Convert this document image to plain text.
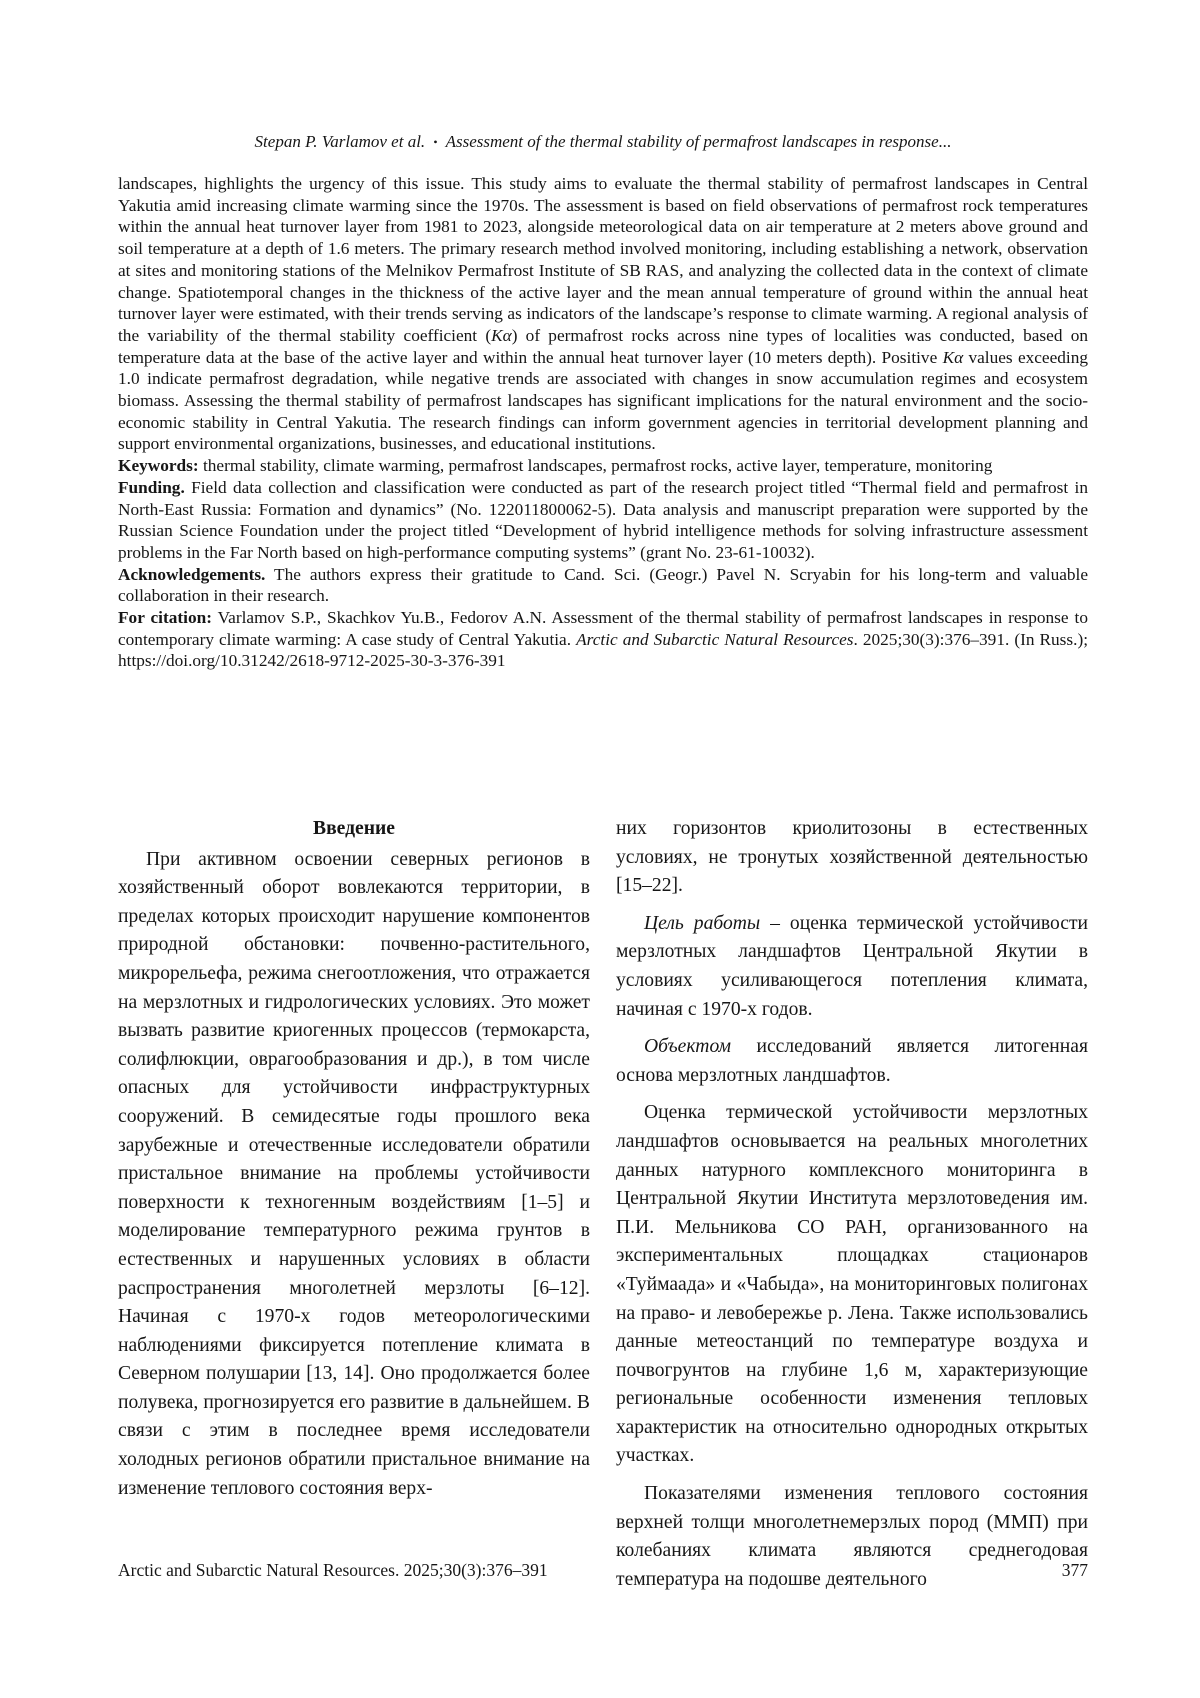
Stepan P. Varlamov et al. • Assessment of the thermal stability of permafrost landscapes in response...

landscapes, highlights the urgency of this issue. This study aims to evaluate the thermal stability of permafrost landscapes in Central Yakutia amid increasing climate warming since the 1970s. The assessment is based on field observations of permafrost rock temperatures within the annual heat turnover layer from 1981 to 2023, alongside meteorological data on air temperature at 2 meters above ground and soil temperature at a depth of 1.6 meters. The primary research method involved monitoring, including establishing a network, observation at sites and monitoring stations of the Melnikov Permafrost Institute of SB RAS, and analyzing the collected data in the context of climate change. Spatiotemporal changes in the thickness of the active layer and the mean annual temperature of ground within the annual heat turnover layer were estimated, with their trends serving as indicators of the landscape’s response to climate warming. A regional analysis of the variability of the thermal stability coefficient (Kα) of permafrost rocks across nine types of localities was conducted, based on temperature data at the base of the active layer and within the annual heat turnover layer (10 meters depth). Positive Kα values exceeding 1.0 indicate permafrost degradation, while negative trends are associated with changes in snow accumulation regimes and ecosystem biomass. Assessing the thermal stability of permafrost landscapes has significant implications for the natural environment and the socio-economic stability in Central Yakutia. The research findings can inform government agencies in territorial development planning and support environmental organizations, businesses, and educational institutions.

Keywords: thermal stability, climate warming, permafrost landscapes, permafrost rocks, active layer, temperature, monitoring

Funding. Field data collection and classification were conducted as part of the research project titled “Thermal field and permafrost in North-East Russia: Formation and dynamics” (No. 122011800062-5). Data analysis and manuscript preparation were supported by the Russian Science Foundation under the project titled “Development of hybrid intelligence methods for solving infrastructure assessment problems in the Far North based on high-performance computing systems” (grant No. 23-61-10032).

Acknowledgements. The authors express their gratitude to Cand. Sci. (Geogr.) Pavel N. Scryabin for his long-term and valuable collaboration in their research.

For citation: Varlamov S.P., Skachkov Yu.B., Fedorov A.N. Assessment of the thermal stability of permafrost landscapes in response to contemporary climate warming: A case study of Central Yakutia. Arctic and Subarctic Natural Resources. 2025;30(3):376–391. (In Russ.); https://doi.org/10.31242/2618-9712-2025-30-3-376-391

Введение

При активном освоении северных регионов в хозяйственный оборот вовлекаются территории, в пределах которых происходит нарушение компонентов природной обстановки: почвенно-растительного, микрорельефа, режима снегоотложения, что отражается на мерзлотных и гидрологических условиях. Это может вызвать развитие криогенных процессов (термокарста, солифлюкции, оврагообразования и др.), в том числе опасных для устойчивости инфраструктурных сооружений. В семидесятые годы прошлого века зарубежные и отечественные исследователи обратили пристальное внимание на проблемы устойчивости поверхности к техногенным воздействиям [1–5] и моделирование температурного режима грунтов в естественных и нарушенных условиях в области распространения многолетней мерзлоты [6–12]. Начиная с 1970-х годов метеорологическими наблюдениями фиксируется потепление климата в Северном полушарии [13, 14]. Оно продолжается более полувека, прогнозируется его развитие в дальнейшем. В связи с этим в последнее время исследователи холодных регионов обратили пристальное внимание на изменение теплового состояния верх-

них горизонтов криолитозоны в естественных условиях, не тронутых хозяйственной деятельностью [15–22].

Цель работы – оценка термической устойчивости мерзлотных ландшафтов Центральной Якутии в условиях усиливающегося потепления климата, начиная с 1970-х годов.

Объектом исследований является литогенная основа мерзлотных ландшафтов.

Оценка термической устойчивости мерзлотных ландшафтов основывается на реальных многолетних данных натурного комплексного мониторинга в Центральной Якутии Института мерзлотоведения им. П.И. Мельникова СО РАН, организованного на экспериментальных площадках стационаров «Туймаада» и «Чабыда», на мониторинговых полигонах на право- и левобережье р. Лена. Также использовались данные метеостанций по температуре воздуха и почвогрунтов на глубине 1,6 м, характеризующие региональные особенности изменения тепловых характеристик на относительно однородных открытых участках.

Показателями изменения теплового состояния верхней толщи многолетнемерзлых пород (ММП) при колебаниях климата являются среднегодовая температура на подошве деятельного

Arctic and Subarctic Natural Resources. 2025;30(3):376–391	377
